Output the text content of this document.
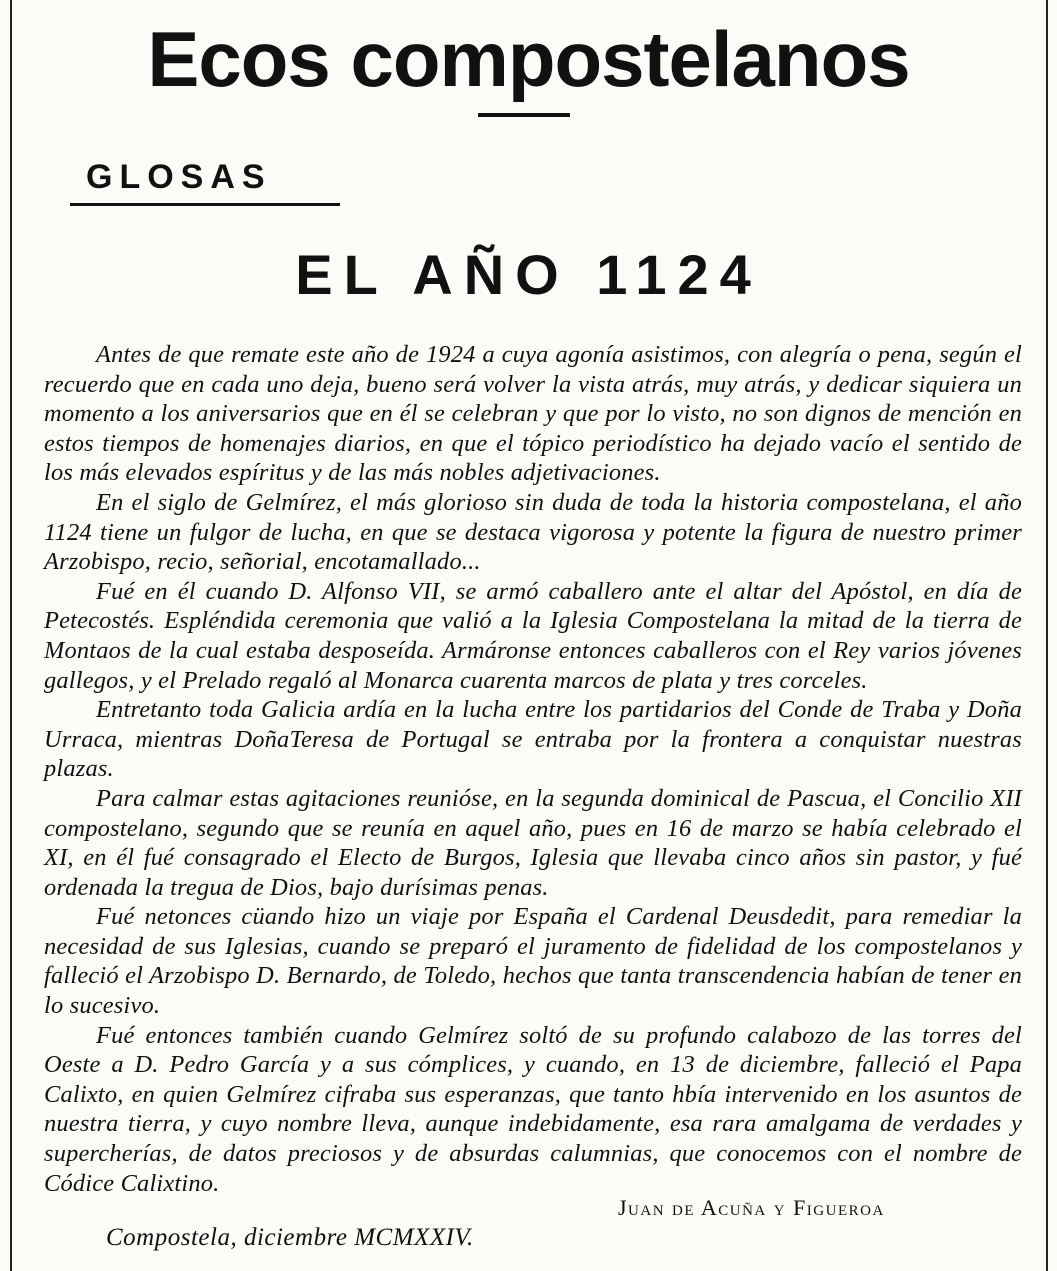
Ecos compostelanos
GLOSAS
EL AÑO 1124

Antes de que remate este año de 1924 a cuya agonía asistimos, con alegría o pena, según el recuerdo que en cada uno deja, bueno será volver la vista atrás, muy atrás, y dedicar siquiera un momento a los aniversarios que en él se celebran y que por lo visto, no son dignos de mención en estos tiempos de homenajes diarios, en que el tópico periodístico ha dejado vacío el sentido de los más elevados espíritus y de las más nobles adjetivaciones.

En el siglo de Gelmírez, el más glorioso sin duda de toda la historia compostelana, el año 1124 tiene un fulgor de lucha, en que se destaca vigorosa y potente la figura de nuestro primer Arzobispo, recio, señorial, encotamallado...

Fué en él cuando D. Alfonso VII, se armó caballero ante el altar del Apóstol, en día de Petecostés. Espléndida ceremonia que valió a la Iglesia Compostelana la mitad de la tierra de Montaos de la cual estaba desposeída. Armáronse entonces caballeros con el Rey varios jóvenes gallegos, y el Prelado regaló al Monarca cuarenta marcos de plata y tres corceles.

Entretanto toda Galicia ardía en la lucha entre los partidarios del Conde de Traba y Doña Urraca, mientras DoñaTeresa de Portugal se entraba por la frontera a conquistar nuestras plazas.

Para calmar estas agitaciones reunióse, en la segunda dominical de Pascua, el Concilio XII compostelano, segundo que se reunía en aquel año, pues en 16 de marzo se había celebrado el XI, en él fué consagrado el Electo de Burgos, Iglesia que llevaba cinco años sin pastor, y fué ordenada la tregua de Dios, bajo durísimas penas.

Fué netonces cüando hizo un viaje por España el Cardenal Deusdedit, para remediar la necesidad de sus Iglesias, cuando se preparó el juramento de fidelidad de los compostelanos y falleció el Arzobispo D. Bernardo, de Toledo, hechos que tanta transcendencia habían de tener en lo sucesivo.

Fué entonces también cuando Gelmírez soltó de su profundo calabozo de las torres del Oeste a D. Pedro García y a sus cómplices, y cuando, en 13 de diciembre, falleció el Papa Calixto, en quien Gelmírez cifraba sus esperanzas, que tanto hbía intervenido en los asuntos de nuestra tierra, y cuyo nombre lleva, aunque indebidamente, esa rara amalgama de verdades y supercherías, de datos preciosos y de absurdas calumnias, que conocemos con el nombre de Códice Calixtino.

Juan de Acuña y Figueroa
Compostela, diciembre MCMXXIV.
